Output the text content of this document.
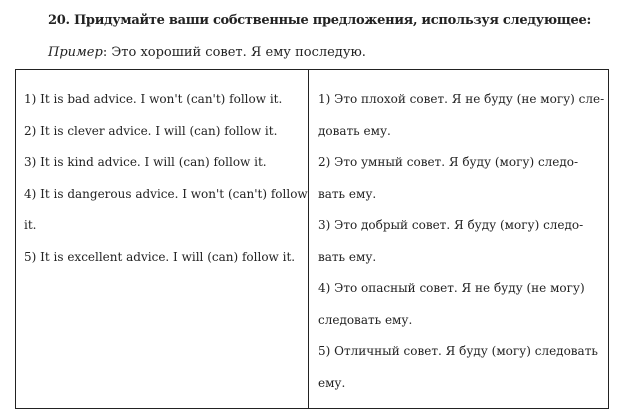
20. Придумайте ваши собственные предложения, используя следующее:
Пример: Это хороший совет. Я ему последую.
1) It is bad advice. I won't (can't) follow it.
2) It is clever advice. I will (can) follow it.
3) It is kind advice. I will (can) follow it.
4) It is dangerous advice. I won't (can't) follow
it.
5) It is excellent advice. I will (can) follow it.
1) Это плохой совет. Я не буду (не могу) сле-
довать ему.
2) Это умный совет. Я буду (могу) следо-
вать ему.
3) Это добрый совет. Я буду (могу) следо-
вать ему.
4) Это опасный совет. Я не буду (не могу)
следовать ему.
5) Отличный совет. Я буду (могу) следовать
ему.
